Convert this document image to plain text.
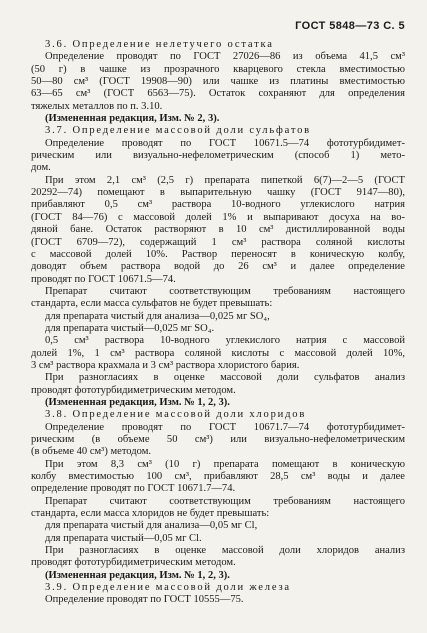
ГОСТ 5848—73 С. 5
3.6. Определение нелетучего остатка
Определение проводят по ГОСТ 27026—86 из объема 41,5 см³
(50 г) в чашке из прозрачного кварцевого стекла вместимостью
50—80 см³ (ГОСТ 19908—90) или чашке из платины вместимостью
63—65 см³ (ГОСТ 6563—75). Остаток сохраняют для определения
тяжелых металлов по п. 3.10.
(Измененная редакция, Изм. № 2, 3).
3.7. Определение массовой доли сульфатов
Определение проводят по ГОСТ 10671.5—74 фототурбидимет-
рическим или визуально-нефелометрическим (способ 1) мето-
дом.
При этом 2,1 см³ (2,5 г) препарата пипеткой 6(7)—2—5 (ГОСТ
20292—74) помещают в выпарительную чашку (ГОСТ 9147—80),
прибавляют 0,5 см³ раствора 10-водного углекислого натрия
(ГОСТ 84—76) с массовой долей 1% и выпаривают досуха на во-
дяной бане. Остаток растворяют в 10 см³ дистиллированной воды
(ГОСТ 6709—72), содержащий 1 см³ раствора соляной кислоты
с массовой долей 10%. Раствор переносят в коническую колбу,
доводят объем раствора водой до 26 см³ и далее определение
проводят по ГОСТ 10671.5—74.
Препарат считают соответствующим требованиям настоящего
стандарта, если масса сульфатов не будет превышать:
для препарата чистый для анализа—0,025 мг SO₄,
для препарата чистый—0,025 мг SO₄.
0,5 см³ раствора 10-водного углекислого натрия с массовой
долей 1%, 1 см³ раствора соляной кислоты с массовой долей 10%,
3 см³ раствора крахмала и 3 см³ раствора хлористого бария.
При разногласиях в оценке массовой доли сульфатов анализ
проводят фототурбидиметрическим методом.
(Измененная редакция, Изм. № 1, 2, 3).
3.8. Определение массовой доли хлоридов
Определение проводят по ГОСТ 10671.7—74 фототурбидимет-
рическим (в объеме 50 см³) или визуально-нефелометрическим
(в объеме 40 см³) методом.
При этом 8,3 см³ (10 г) препарата помещают в коническую
колбу вместимостью 100 см³, прибавляют 28,5 см³ воды и далее
определение проводят по ГОСТ 10671.7—74.
Препарат считают соответствующим требованиям настоящего
стандарта, если масса хлоридов не будет превышать:
для препарата чистый для анализа—0,05 мг Cl,
для препарата чистый—0,05 мг Cl.
При разногласиях в оценке массовой доли хлоридов анализ
проводят фототурбидиметрическим методом.
(Измененная редакция, Изм. № 1, 2, 3).
3.9. Определение массовой доли железа
Определение проводят по ГОСТ 10555—75.
